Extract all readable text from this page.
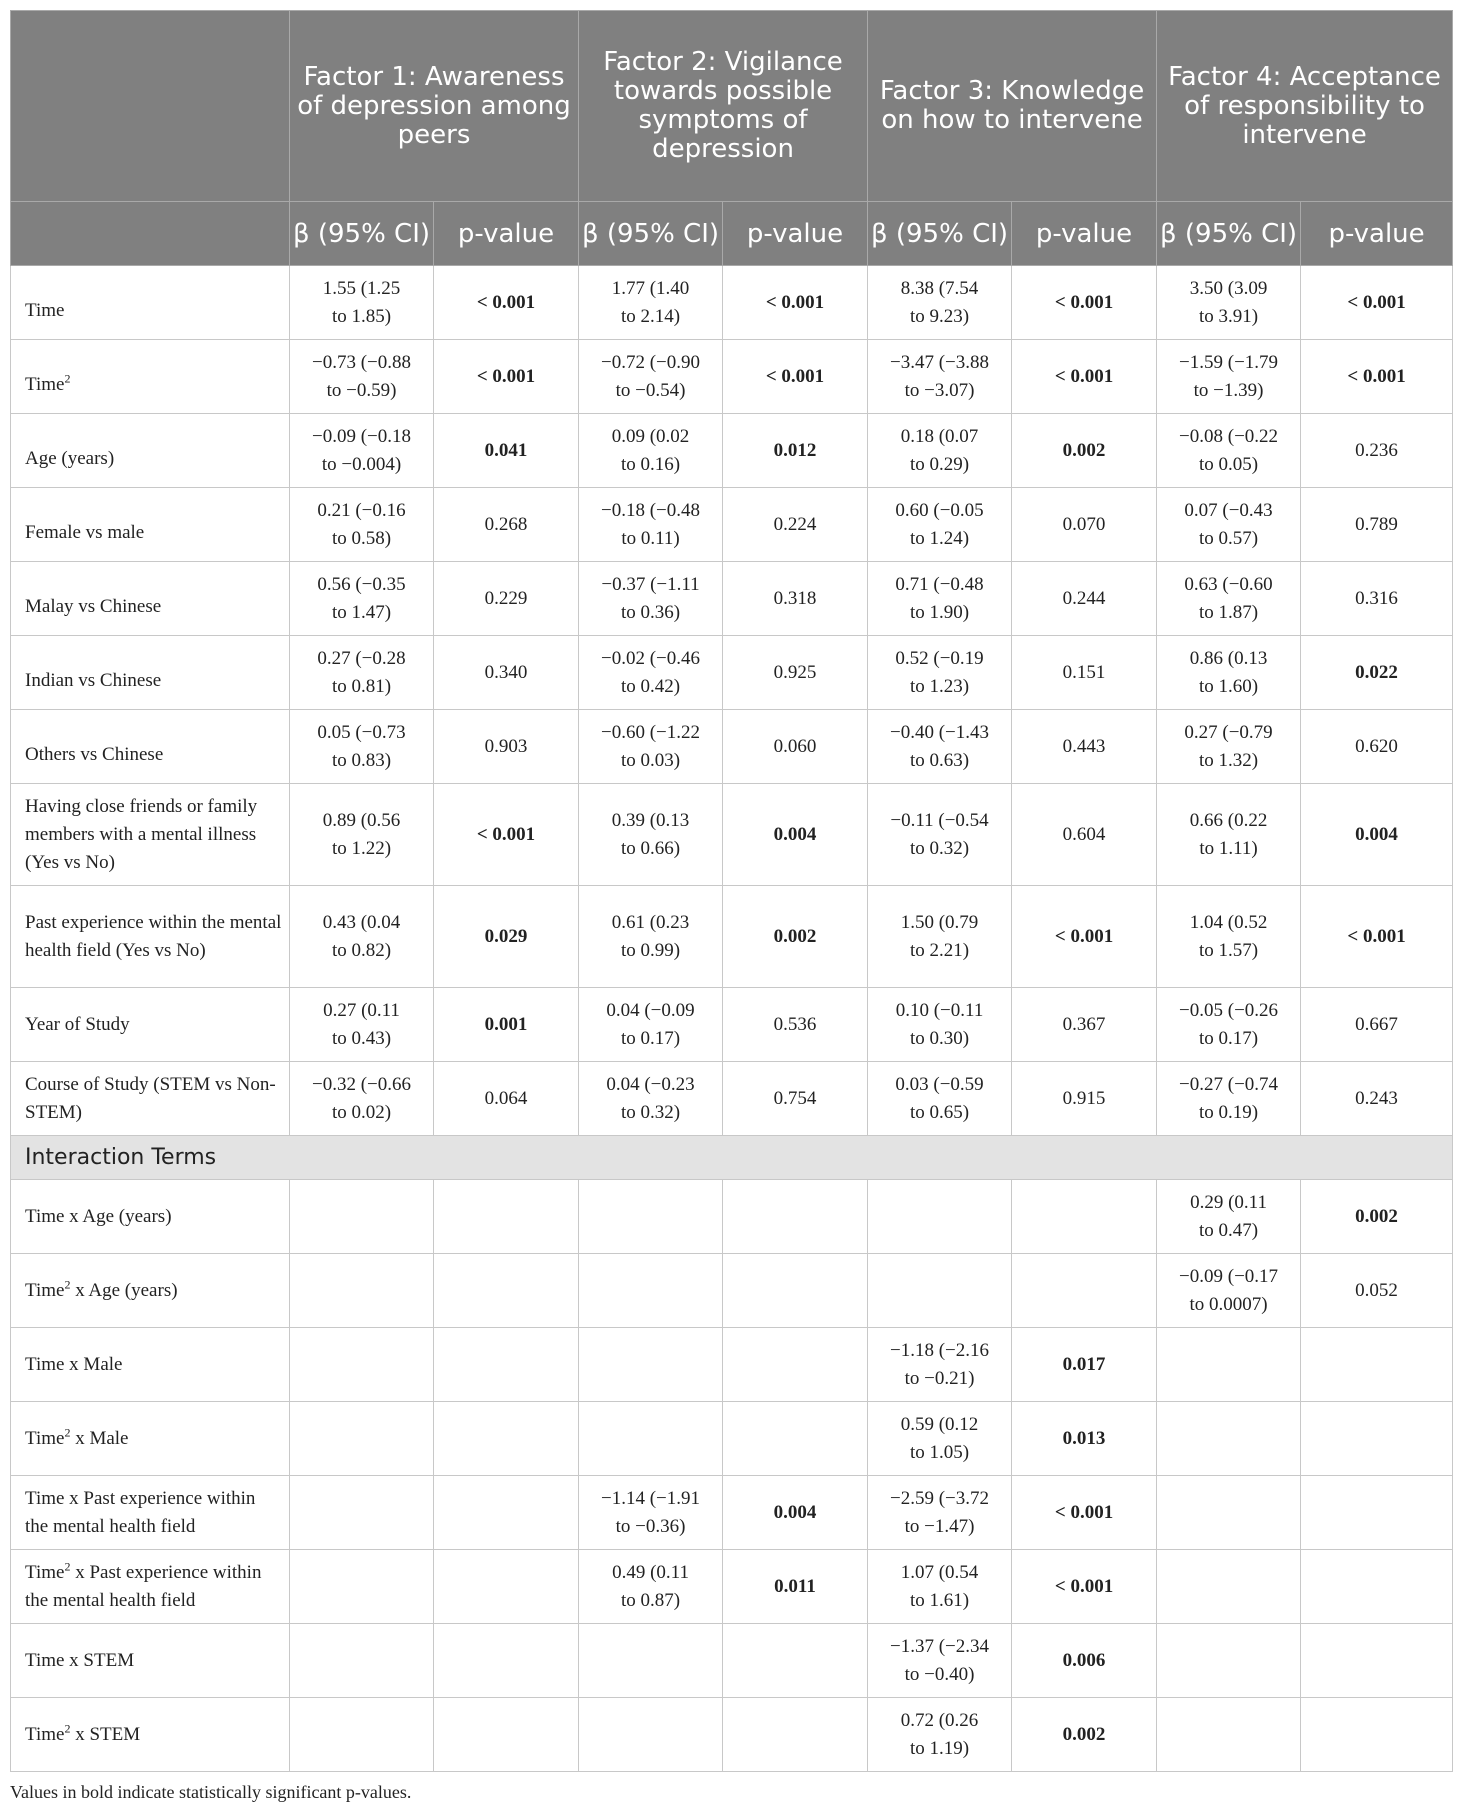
	Factor 1: Awareness of depression among peers		Factor 2: Vigilance towards possible symptoms of depression		Factor 3: Knowledge on how to intervene		Factor 4: Acceptance of responsibility to intervene	
	β (95% CI)	p-value	β (95% CI)	p-value	β (95% CI)	p-value	β (95% CI)	p-value
Time	1.55 (1.25
to 1.85)	< 0.001	1.77 (1.40
to 2.14)	< 0.001	8.38 (7.54
to 9.23)	< 0.001	3.50 (3.09
to 3.91)	< 0.001
Time$^2$	−0.73 (−0.88
to −0.59)	< 0.001	−0.72 (−0.90
to −0.54)	< 0.001	−3.47 (−3.88
to −3.07)	< 0.001	−1.59 (−1.79
to −1.39)	< 0.001
Age (years)	−0.09 (−0.18
to −0.004)	0.041	0.09 (0.02
to 0.16)	0.012	0.18 (0.07
to 0.29)	0.002	−0.08 (−0.22
to 0.05)	0.236
Female vs male	0.21 (−0.16
to 0.58)	0.268	−0.18 (−0.48
to 0.11)	0.224	0.60 (−0.05
to 1.24)	0.070	0.07 (−0.43
to 0.57)	0.789
Malay vs Chinese	0.56 (−0.35
to 1.47)	0.229	−0.37 (−1.11
to 0.36)	0.318	0.71 (−0.48
to 1.90)	0.244	0.63 (−0.60
to 1.87)	0.316
Indian vs Chinese	0.27 (−0.28
to 0.81)	0.340	−0.02 (−0.46
to 0.42)	0.925	0.52 (−0.19
to 1.23)	0.151	0.86 (0.13
to 1.60)	0.022
Others vs Chinese	0.05 (−0.73
to 0.83)	0.903	−0.60 (−1.22
to 0.03)	0.060	−0.40 (−1.43
to 0.63)	0.443	0.27 (−0.79
to 1.32)	0.620
Having close friends or family members with a mental illness (Yes vs No)	0.89 (0.56
to 1.22)	< 0.001	0.39 (0.13
to 0.66)	0.004	−0.11 (−0.54
to 0.32)	0.604	0.66 (0.22
to 1.11)	0.004
Past experience within the mental health field (Yes vs No)	0.43 (0.04
to 0.82)	0.029	0.61 (0.23
to 0.99)	0.002	1.50 (0.79
to 2.21)	< 0.001	1.04 (0.52
to 1.57)	< 0.001
Year of Study	0.27 (0.11
to 0.43)	0.001	0.04 (−0.09
to 0.17)	0.536	0.10 (−0.11
to 0.30)	0.367	−0.05 (−0.26
to 0.17)	0.667
Course of Study (STEM vs Non-STEM)	−0.32 (−0.66
to 0.02)	0.064	0.04 (−0.23
to 0.32)	0.754	0.03 (−0.59
to 0.65)	0.915	−0.27 (−0.74
to 0.19)	0.243
Interaction Terms								
Time x Age (years)							0.29 (0.11
to 0.47)	0.002
Time$^2$ x Age (years)							−0.09 (−0.17
to 0.0007)	0.052
Time x Male					−1.18 (−2.16
to −0.21)	0.017		
Time$^2$ x Male					0.59 (0.12
to 1.05)	0.013		
Time x Past experience within the mental health field			−1.14 (−1.91
to −0.36)	0.004	−2.59 (−3.72
to −1.47)	< 0.001		
Time$^2$ x Past experience within the mental health field			0.49 (0.11
to 0.87)	0.011	1.07 (0.54
to 1.61)	< 0.001		
Time x STEM					−1.37 (−2.34
to −0.40)	0.006		
Time$^2$ x STEM					0.72 (0.26
to 1.19)	0.002		
Values in bold indicate statistically significant p-values.
